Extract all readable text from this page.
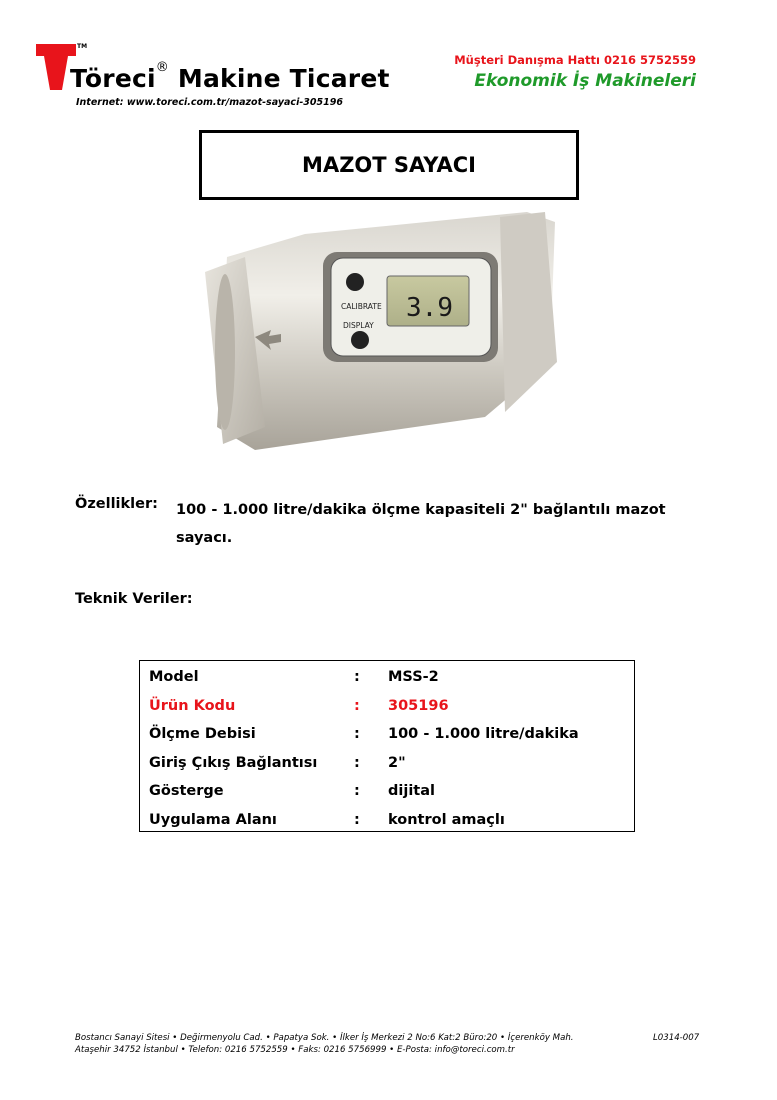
TM
Töreci® Makine Ticaret
Internet: www.toreci.com.tr/mazot-sayaci-305196
Müşteri Danışma Hattı 0216 5752559
Ekonomik İş Makineleri
MAZOT SAYACI
CALIBRATE
DISPLAY
3.9
Özellikler: 100 - 1.000 litre/dakika ölçme kapasiteli 2" bağlantılı mazot sayacı.
Teknik Veriler:
Model	:	MSS-2
Ürün Kodu	:	305196
Ölçme Debisi	:	100 - 1.000 litre/dakika
Giriş Çıkış Bağlantısı	:	2"
Gösterge	:	dijital
Uygulama Alanı	:	kontrol amaçlı
Bostancı Sanayi Sitesi • Değirmenyolu Cad. • Papatya Sok. • İlker İş Merkezi 2 No:6 Kat:2 Büro:20 • İçerenköy Mah.
Ataşehir 34752 İstanbul • Telefon: 0216 5752559 • Faks: 0216 5756999 • E-Posta: info@toreci.com.tr
L0314-007
